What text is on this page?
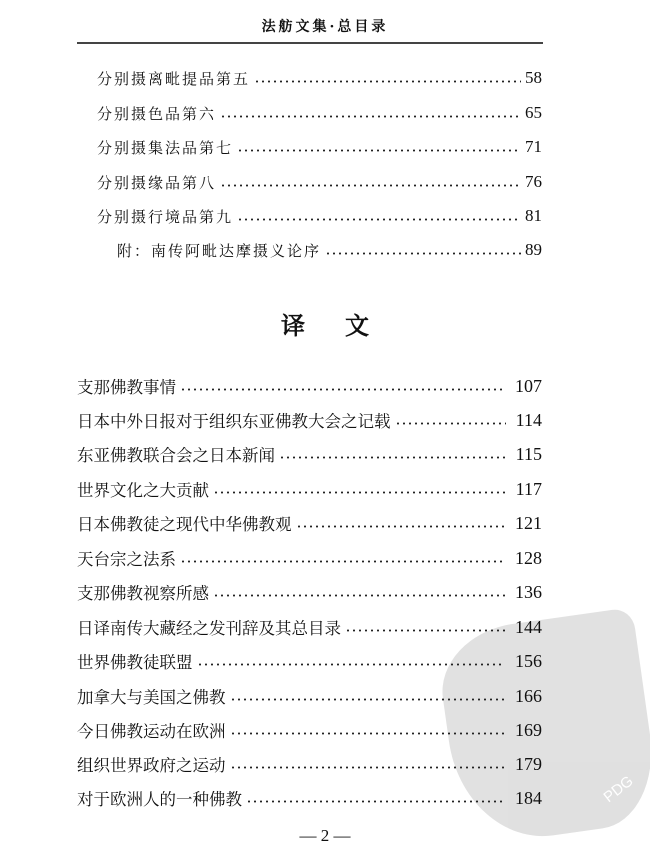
法舫文集·总目录
PDG
分别摄离毗提品第五	58
分别摄色品第六	65
分别摄集法品第七	71
分别摄缘品第八	76
分别摄行境品第九	81
附：南传阿毗达摩摄义论序	89
译文
支那佛教事情	107
日本中外日报对于组织东亚佛教大会之记载	114
东亚佛教联合会之日本新闻	115
世界文化之大贡献	117
日本佛教徒之现代中华佛教观	121
天台宗之法系	128
支那佛教视察所感	136
日译南传大藏经之发刊辞及其总目录	144
世界佛教徒联盟	156
加拿大与美国之佛教	166
今日佛教运动在欧洲	169
组织世界政府之运动	179
对于欧洲人的一种佛教	184
— 2 —
